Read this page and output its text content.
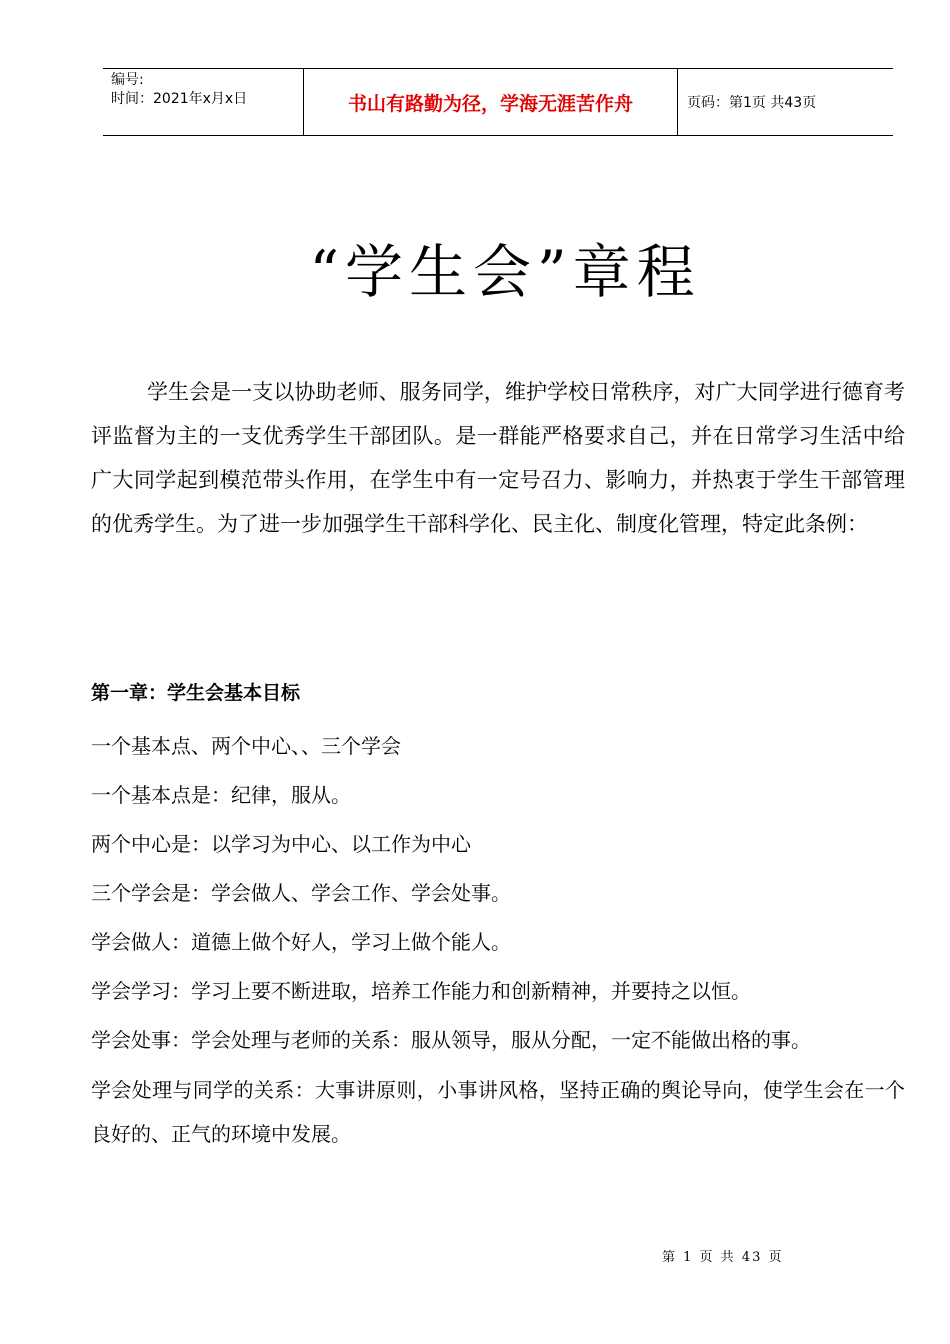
编号:
时间：2021年x月x日	书山有路勤为径，学海无涯苦作舟	页码：第1页 共43页
“学生会”章程

学生会是一支以协助老师、服务同学，维护学校日常秩序，对广大同学进行德育考评监督为主的一支优秀学生干部团队。是一群能严格要求自己，并在日常学习生活中给广大同学起到模范带头作用，在学生中有一定号召力、影响力，并热衷于学生干部管理的优秀学生。为了进一步加强学生干部科学化、民主化、制度化管理，特定此条例：

第一章：学生会基本目标
一个基本点、两个中心、、三个学会
一个基本点是：纪律，服从。
两个中心是：以学习为中心、以工作为中心
三个学会是：学会做人、学会工作、学会处事。
学会做人：道德上做个好人，学习上做个能人。
学会学习：学习上要不断进取，培养工作能力和创新精神，并要持之以恒。
学会处事：学会处理与老师的关系：服从领导，服从分配，一定不能做出格的事。
学会处理与同学的关系：大事讲原则，小事讲风格，坚持正确的舆论导向，使学生会在一个良好的、正气的环境中发展。
第 1 页 共 43 页
